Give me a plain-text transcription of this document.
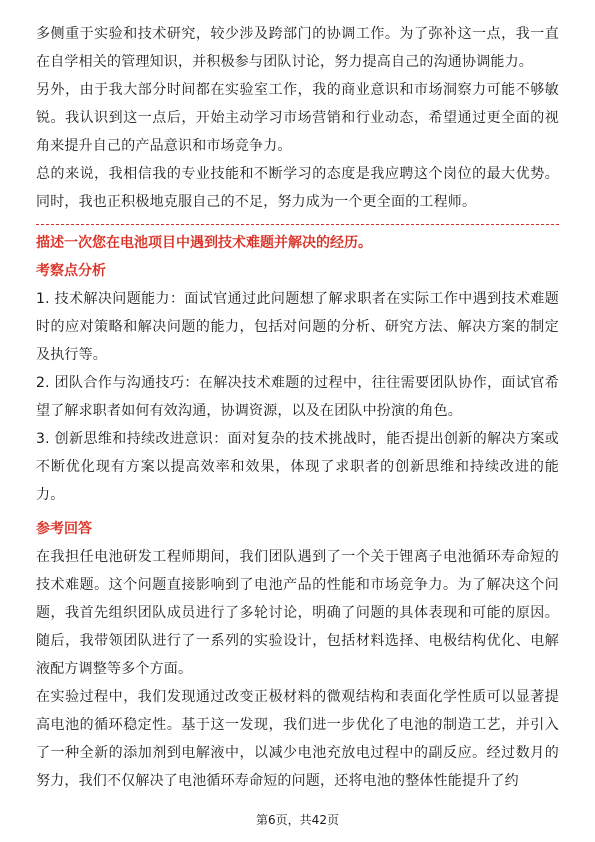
多侧重于实验和技术研究，较少涉及跨部门的协调工作。为了弥补这一点，我一直在自学相关的管理知识，并积极参与团队讨论，努力提高自己的沟通协调能力。

另外，由于我大部分时间都在实验室工作，我的商业意识和市场洞察力可能不够敏锐。我认识到这一点后，开始主动学习市场营销和行业动态，希望通过更全面的视角来提升自己的产品意识和市场竞争力。

总的来说，我相信我的专业技能和不断学习的态度是我应聘这个岗位的最大优势。同时，我也正积极地克服自己的不足，努力成为一个更全面的工程师。

描述一次您在电池项目中遇到技术难题并解决的经历。

考察点分析

1. 技术解决问题能力：面试官通过此问题想了解求职者在实际工作中遇到技术难题时的应对策略和解决问题的能力，包括对问题的分析、研究方法、解决方案的制定及执行等。

2. 团队合作与沟通技巧：在解决技术难题的过程中，往往需要团队协作，面试官希望了解求职者如何有效沟通，协调资源，以及在团队中扮演的角色。

3. 创新思维和持续改进意识：面对复杂的技术挑战时，能否提出创新的解决方案或不断优化现有方案以提高效率和效果，体现了求职者的创新思维和持续改进的能力。

参考回答

在我担任电池研发工程师期间，我们团队遇到了一个关于锂离子电池循环寿命短的技术难题。这个问题直接影响到了电池产品的性能和市场竞争力。为了解决这个问题，我首先组织团队成员进行了多轮讨论，明确了问题的具体表现和可能的原因。随后，我带领团队进行了一系列的实验设计，包括材料选择、电极结构优化、电解液配方调整等多个方面。

在实验过程中，我们发现通过改变正极材料的微观结构和表面化学性质可以显著提高电池的循环稳定性。基于这一发现，我们进一步优化了电池的制造工艺，并引入了一种全新的添加剂到电解液中，以减少电池充放电过程中的副反应。经过数月的努力，我们不仅解决了电池循环寿命短的问题，还将电池的整体性能提升了约

第6页，共42页
